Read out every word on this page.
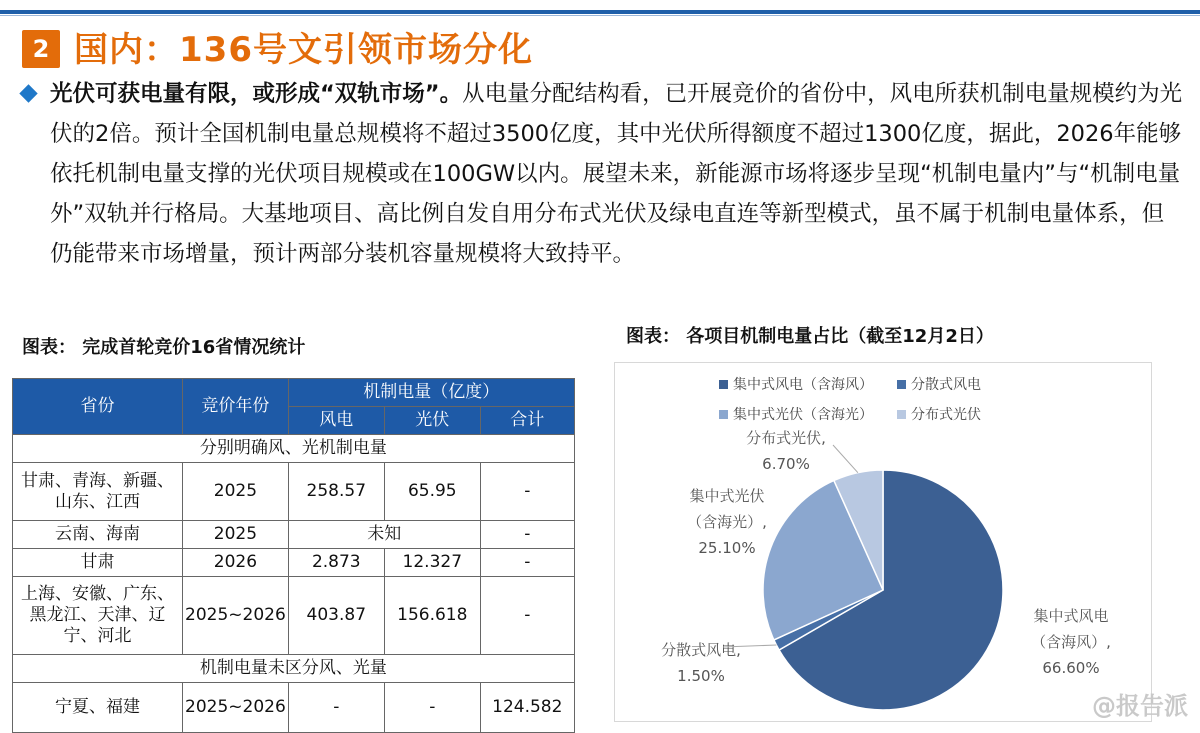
2 国内：136号文引领市场分化
光伏可获电量有限，或形成“双轨市场”。从电量分配结构看，已开展竞价的省份中，风电所获机制电量规模约为光伏的2倍。预计全国机制电量总规模将不超过3500亿度，其中光伏所得额度不超过1300亿度，据此，2026年能够依托机制电量支撑的光伏项目规模或在100GW以内。展望未来，新能源市场将逐步呈现“机制电量内”与“机制电量外”双轨并行格局。大基地项目、高比例自发自用分布式光伏及绿电直连等新型模式，虽不属于机制电量体系，但仍能带来市场增量，预计两部分装机容量规模将大致持平。
图表： 完成首轮竞价16省情况统计
省份	竞价年份	机制电量（亿度）		
		风电	光伏	合计
分别明确风、光机制电量				
甘肃、青海、新疆、山东、江西	2025	258.57	65.95	-
云南、海南	2025	未知		-
甘肃	2026	2.873	12.327	-
上海、安徽、广东、黑龙江、天津、辽宁、河北	2025~2026	403.87	156.618	-
机制电量未区分风、光量				
宁夏、福建	2025~2026	-	-	124.582
图表： 各项目机制电量占比（截至12月2日）
集中式风电（含海风）	分散式风电
集中式光伏（含海光）	分布式光伏
集中式风电
（含海风）,
66.60%
分散式风电,
1.50%
集中式光伏
（含海光）,
25.10%
分布式光伏,
6.70%
@报告派
